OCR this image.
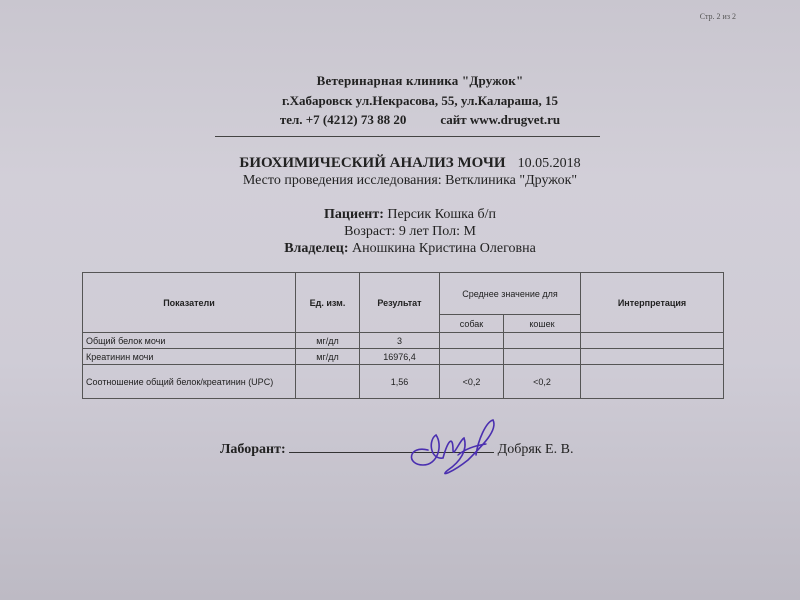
Стр. 2 из 2
Ветеринарная клиника "Дружок"
г.Хабаровск ул.Некрасова, 55, ул.Калараша, 15
тел. +7 (4212) 73 88 20	сайт www.drugvet.ru
БИОХИМИЧЕСКИЙ АНАЛИЗ МОЧИ 10.05.2018
Место проведения исследования: Ветклиника "Дружок"
Пациент: Персик Кошка б/п
Возраст: 9 лет Пол: М
Владелец: Аношкина Кристина Олеговна
Показатели	Ед. изм.	Результат	Среднее значение для		Интерпретация
			собак	кошек	
Общий белок мочи	мг/дл	3			
Креатинин мочи	мг/дл	16976,4			
Соотношение общий белок/креатинин (UPC)		1,56	<0,2	<0,2	
Лаборант:	Добряк Е. В.
